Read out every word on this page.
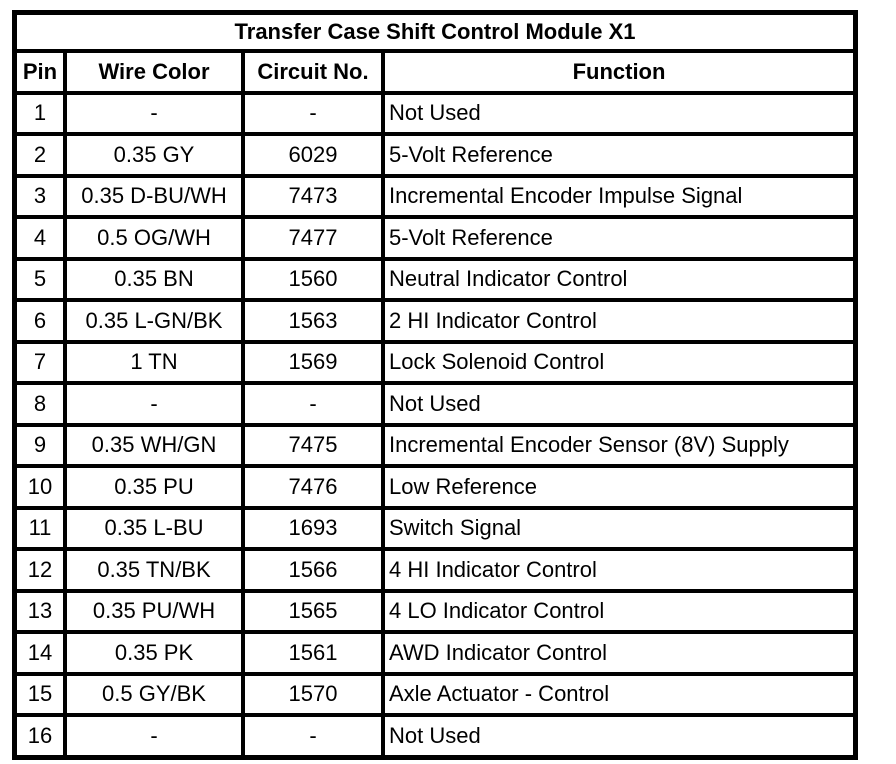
Transfer Case Shift Control Module X1			
Pin	Wire Color	Circuit No.	Function
1	-	-	Not Used
2	0.35 GY	6029	5-Volt Reference
3	0.35 D-BU/WH	7473	Incremental Encoder Impulse Signal
4	0.5 OG/WH	7477	5-Volt Reference
5	0.35 BN	1560	Neutral Indicator Control
6	0.35 L-GN/BK	1563	2 HI Indicator Control
7	1 TN	1569	Lock Solenoid Control
8	-	-	Not Used
9	0.35 WH/GN	7475	Incremental Encoder Sensor (8V) Supply
10	0.35 PU	7476	Low Reference
11	0.35 L-BU	1693	Switch Signal
12	0.35 TN/BK	1566	4 HI Indicator Control
13	0.35 PU/WH	1565	4 LO Indicator Control
14	0.35 PK	1561	AWD Indicator Control
15	0.5 GY/BK	1570	Axle Actuator - Control
16	-	-	Not Used
